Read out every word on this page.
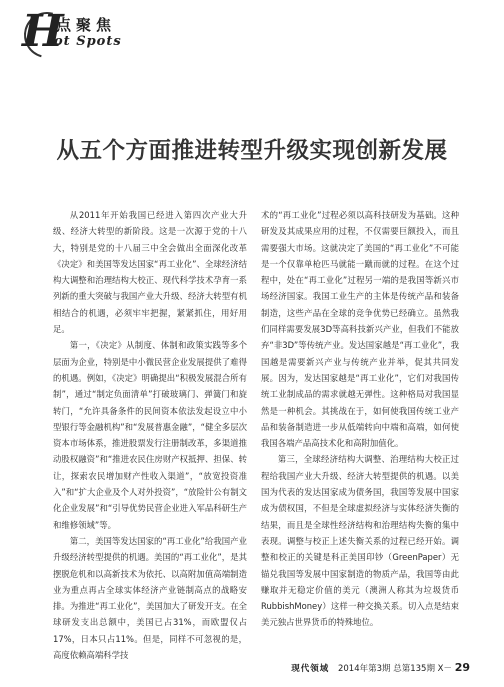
H
点聚焦
ot Spots
从五个方面推进转型升级实现创新发展

从2011年开始我国已经进入第四次产业大升级、经济大转型的新阶段。这是一次源于党的十八大，特别是党的十八届三中全会做出全面深化改革《决定》和美国等发达国家“再工业化”、全球经济结构大调整和治理结构大校正、现代科学技术孕育一系列新的重大突破与我国产业大升级、经济大转型有机相结合的机遇，必须牢牢把握，紧紧抓住，用好用足。

第一，《决定》从制度、体制和政策实践等多个层面为企业，特别是中小微民营企业发展提供了难得的机遇。例如，《决定》明确提出“积极发展混合所有制”，通过“制定负面清单”打破玻璃门、弹簧门和旋转门，“允许具备条件的民间资本依法发起设立中小型银行等金融机构”和“发展普惠金融”，“健全多层次资本市场体系，推进股票发行注册制改革，多渠道推动股权融资”和“推进农民住房财产权抵押、担保、转让，探索农民增加财产性收入渠道”，“放宽投资准入”和“扩大企业及个人对外投资”，“放险针公有制文化企业发展”和“引导优势民营企业进入军品科研生产和维修领域”等。

第二，美国等发达国家的“再工业化”给我国产业升级经济转型提供的机遇。美国的“再工业化”，是其摆脱危机和以高新技术为依托、以高附加值高端制造业为重点再占全球实体经济产业链制高点的战略安排。为推进“再工业化”，美国加大了研发开支。在全球研发支出总额中，美国已占31%，而欧盟仅占17%，日本只占11%。但是，同样不可忽视的是，高度依赖高端科学技

术的“再工业化”过程必须以高科技研发为基础。这种研发及其成果应用的过程，不仅需要巨额投入，而且需要强大市场。这就决定了美国的“再工业化”不可能是一个仅靠单枪匹马就能一蹴而就的过程。在这个过程中，处在“再工业化”过程另一端的是我国等新兴市场经济国家。我国工业生产的主体是传统产品和装备制造，这些产品在全球的竞争优势已经确立。虽然我们同样需要发展3D等高科技新兴产业，但我们不能放弃“非3D”等传统产业。发达国家越是“再工业化”，我国越是需要新兴产业与传统产业并举，促其共同发展。因为，发达国家越是“再工业化”，它们对我国传统工业制成品的需求就越无弹性。这种格局对我国显然是一种机会。其挑战在于，如何使我国传统工业产品和装备制造进一步从低端转向中端和高端，如何使我国各端产品高技术化和高附加值化。

第三，全球经济结构大调整、治理结构大校正过程给我国产业大升级、经济大转型提供的机遇。以美国为代表的发达国家成为债务国，我国等发展中国家成为债权国，不但是全球虚拟经济与实体经济失衡的结果，而且是全球性经济结构和治理结构失衡的集中表现。调整与校正上述失衡关系的过程已经开始。调整和校正的关键是科正美国印钞（GreenPaper）无锚兑我国等发展中国家制造的物质产品，我国等由此赚取并无稳定价值的美元（澳洲人称其为垃圾货币RubbishMoney）这样一种交换关系。切入点是结束美元独占世界货币的特殊地位。

现代领域 2014年第3期 总第135期 X－ 29
